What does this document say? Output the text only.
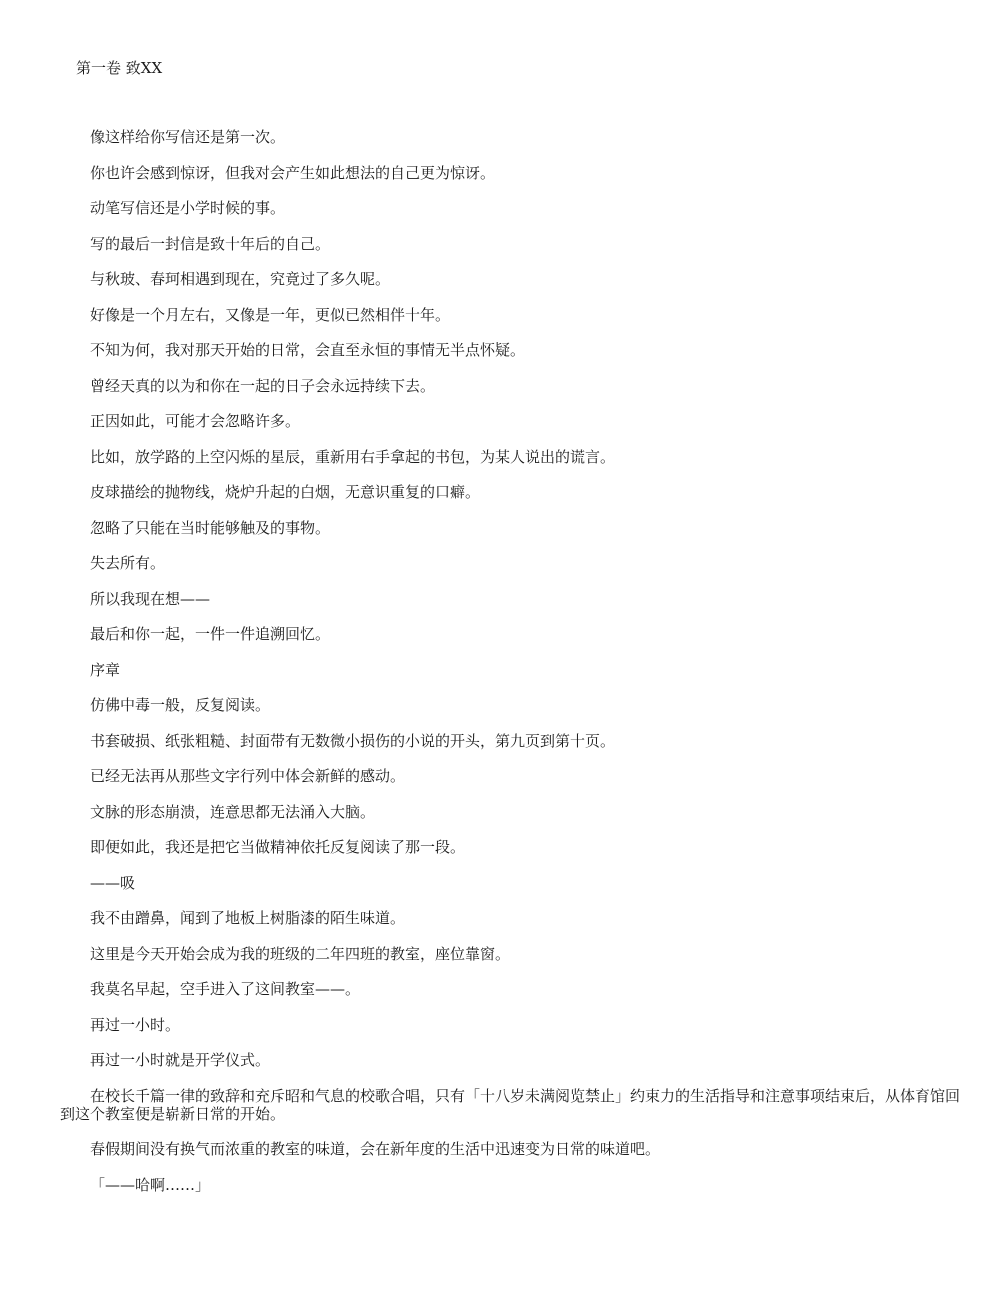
第一卷 致XX

像这样给你写信还是第一次。

你也许会感到惊讶，但我对会产生如此想法的自己更为惊讶。

动笔写信还是小学时候的事。

写的最后一封信是致十年后的自己。

与秋玻、春珂相遇到现在，究竟过了多久呢。

好像是一个月左右，又像是一年，更似已然相伴十年。

不知为何，我对那天开始的日常，会直至永恒的事情无半点怀疑。

曾经天真的以为和你在一起的日子会永远持续下去。

正因如此，可能才会忽略许多。

比如，放学路的上空闪烁的星辰，重新用右手拿起的书包，为某人说出的谎言。

皮球描绘的抛物线，烧炉升起的白烟，无意识重复的口癖。

忽略了只能在当时能够触及的事物。

失去所有。

所以我现在想——

最后和你一起，一件一件追溯回忆。

序章

仿佛中毒一般，反复阅读。

书套破损、纸张粗糙、封面带有无数微小损伤的小说的开头，第九页到第十页。

已经无法再从那些文字行列中体会新鲜的感动。

文脉的形态崩溃，连意思都无法涌入大脑。

即便如此，我还是把它当做精神依托反复阅读了那一段。

——吸

我不由蹭鼻，闻到了地板上树脂漆的陌生味道。

这里是今天开始会成为我的班级的二年四班的教室，座位靠窗。

我莫名早起，空手进入了这间教室——。

再过一小时。

再过一小时就是开学仪式。

在校长千篇一律的致辞和充斥昭和气息的校歌合唱，只有「十八岁未满阅览禁止」约束力的生活指导和注意事项结束后，从体育馆回到这个教室便是崭新日常的开始。

春假期间没有换气而浓重的教室的味道，会在新年度的生活中迅速变为日常的味道吧。

「——哈啊……」
